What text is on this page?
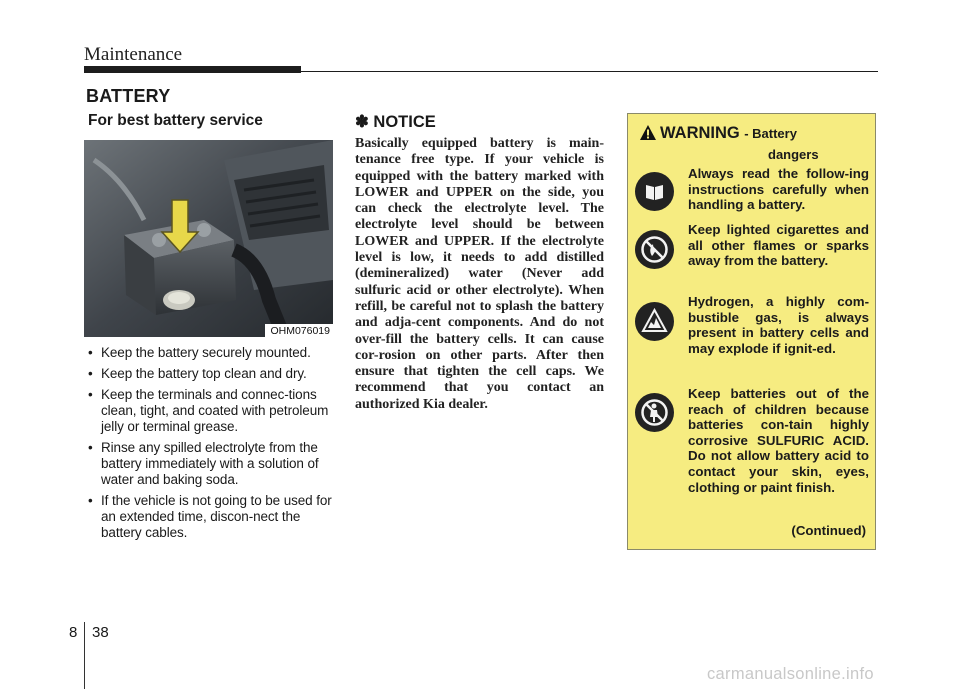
Maintenance
BATTERY
For best battery service
OHM076019
• Keep the battery securely mounted.
• Keep the battery top clean and dry.
• Keep the terminals and connec-tions clean, tight, and coated with petroleum jelly or terminal grease.
• Rinse any spilled electrolyte from the battery immediately with a solution of water and baking soda.
• If the vehicle is not going to be used for an extended time, discon-nect the battery cables.
✽ NOTICE

Basically equipped battery is main-tenance free type. If your vehicle is equipped with the battery marked with LOWER and UPPER on the side, you can check the electrolyte level. The electrolyte level should be between LOWER and UPPER. If the electrolyte level is low, it needs to add distilled (demineralized) water (Never add sulfuric acid or other electrolyte). When refill, be careful not to splash the battery and adja-cent components. And do not over-fill the battery cells. It can cause cor-rosion on other parts. After then ensure that tighten the cell caps. We recommend that you contact an authorized Kia dealer.

WARNING - Battery
dangers

Always read the follow-ing instructions carefully when handling a battery.

Keep lighted cigarettes and all other flames or sparks away from the battery.

Hydrogen, a highly com-bustible gas, is always present in battery cells and may explode if ignit-ed.

Keep batteries out of the reach of children because batteries con-tain highly corrosive SULFURIC ACID. Do not allow battery acid to contact your skin, eyes, clothing or paint finish.

(Continued)
8 38
carmanualsonline.info
